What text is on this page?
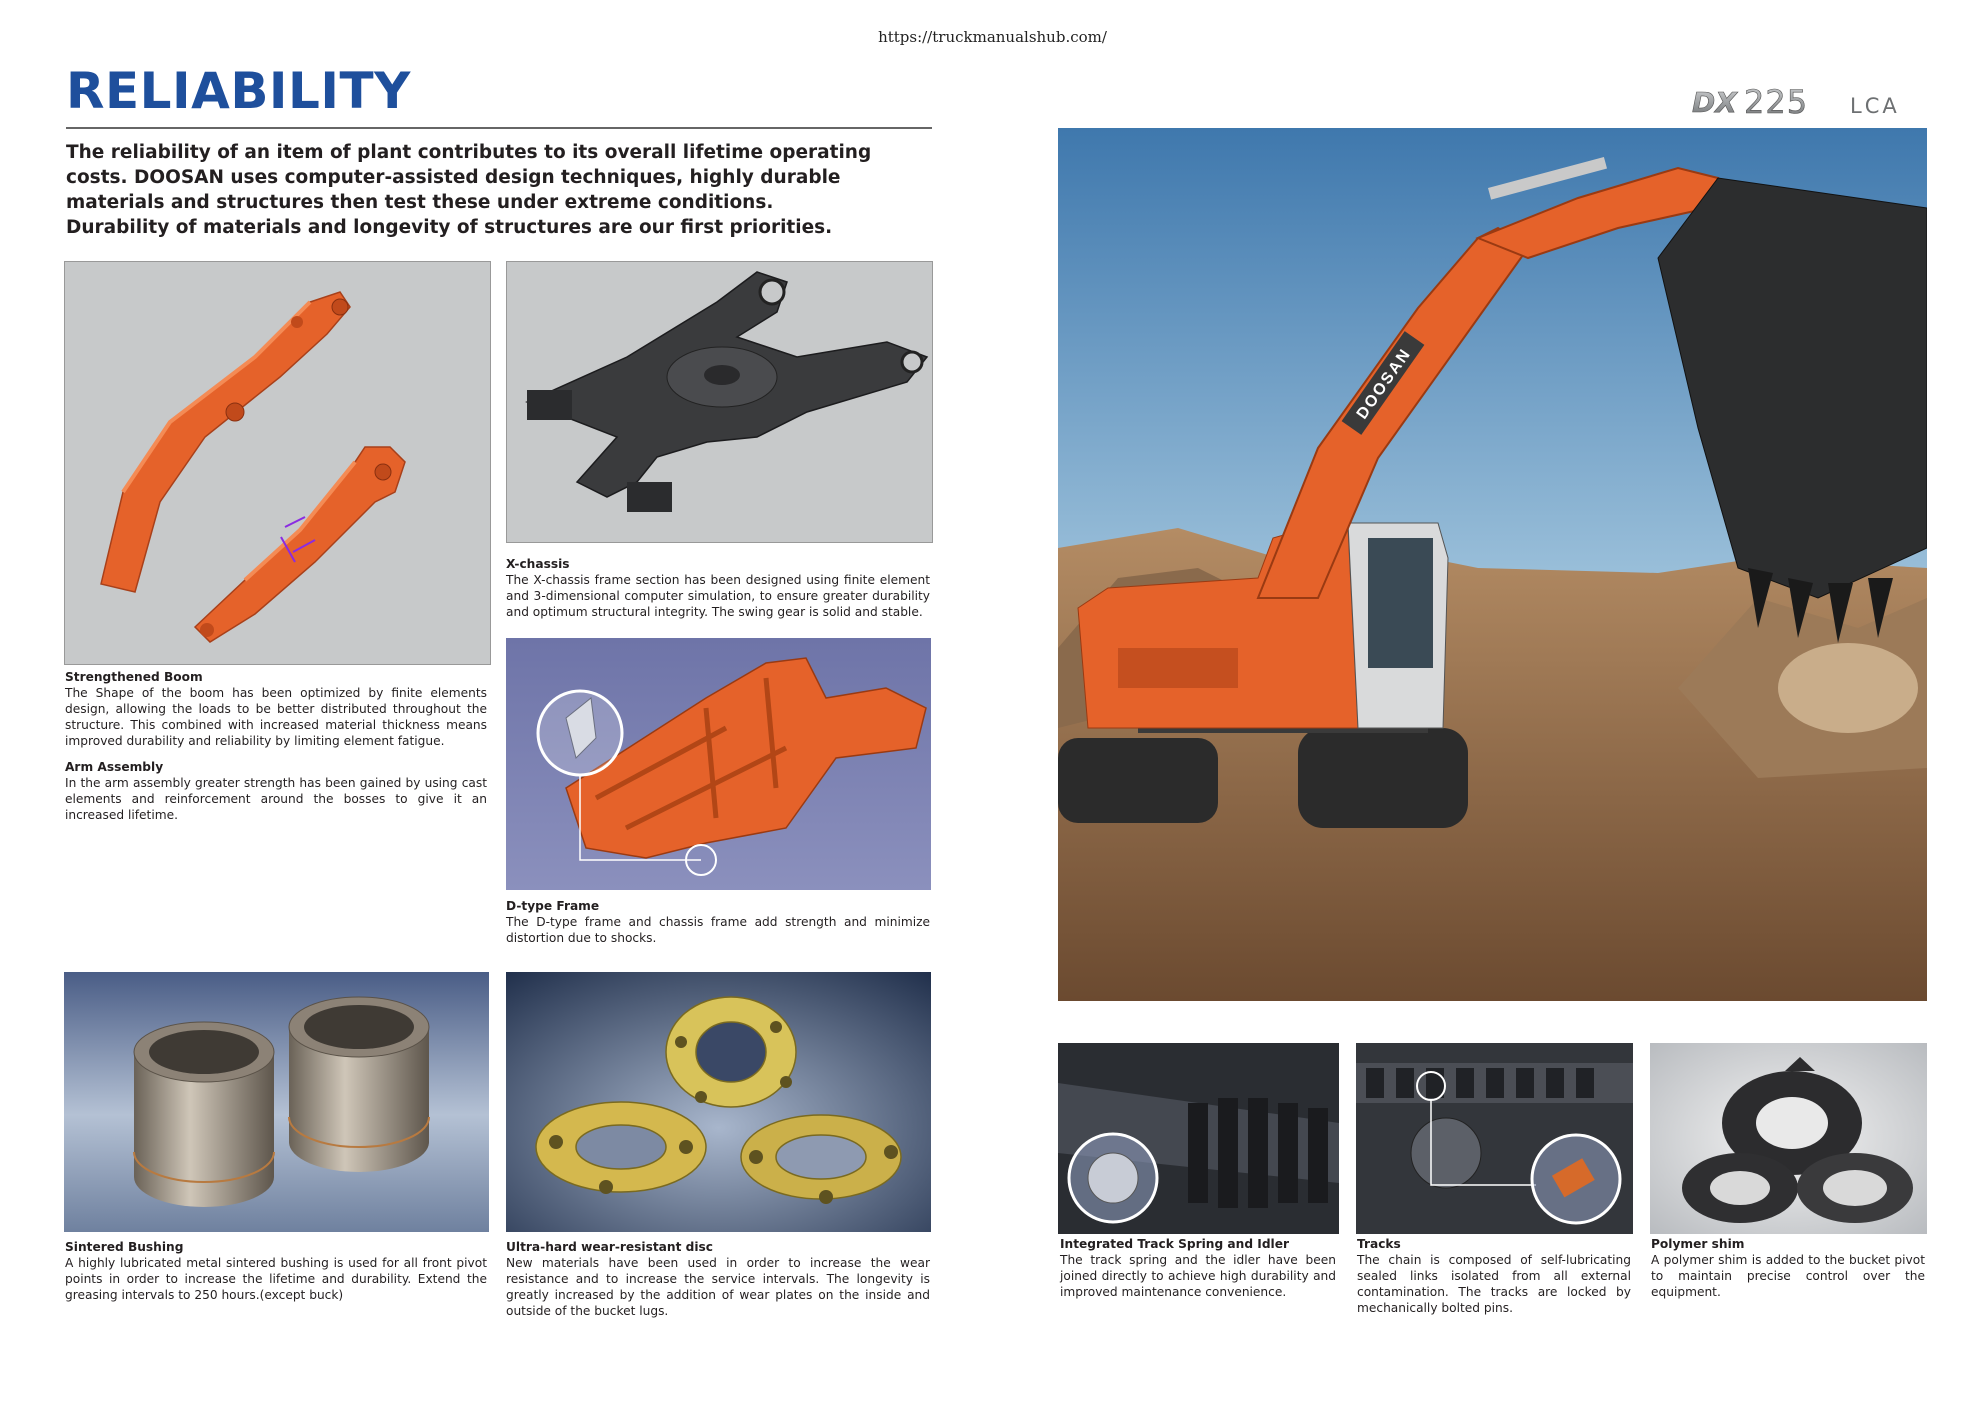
https://truckmanualshub.com/
RELIABILITY	DX 225 LCA

The reliability of an item of plant contributes to its overall lifetime operating costs. DOOSAN uses computer-assisted design techniques, highly durable materials and structures then test these under extreme conditions.

Durability of materials and longevity of structures are our first priorities.

X-chassis

The X-chassis frame section has been designed using finite element and 3-dimensional computer simulation, to ensure greater durability and optimum structural integrity. The swing gear is solid and stable.

Strengthened Boom

The Shape of the boom has been optimized by finite elements design, allowing the loads to be better distributed throughout the structure. This combined with increased material thickness means improved durability and reliability by limiting element fatigue.

Arm Assembly

In the arm assembly greater strength has been gained by using cast elements and reinforcement around the bosses to give it an increased lifetime.

D-type Frame

The D-type frame and chassis frame add strength and minimize distortion due to shocks.

Sintered Bushing

A highly lubricated metal sintered bushing is used for all front pivot points in order to increase the lifetime and durability. Extend the greasing intervals to 250 hours.(except buck)

Ultra-hard wear-resistant disc

New materials have been used in order to increase the wear resistance and to increase the service intervals. The longevity is greatly increased by the addition of wear plates on the inside and outside of the bucket lugs.

DOOSAN
Integrated Track Spring and Idler

The track spring and the idler have been joined directly to achieve high durability and improved maintenance convenience.

Tracks

The chain is composed of self-lubricating sealed links isolated from all external contamination. The tracks are locked by mechanically bolted pins.

Polymer shim

A polymer shim is added to the bucket pivot to maintain precise control over the equipment.
